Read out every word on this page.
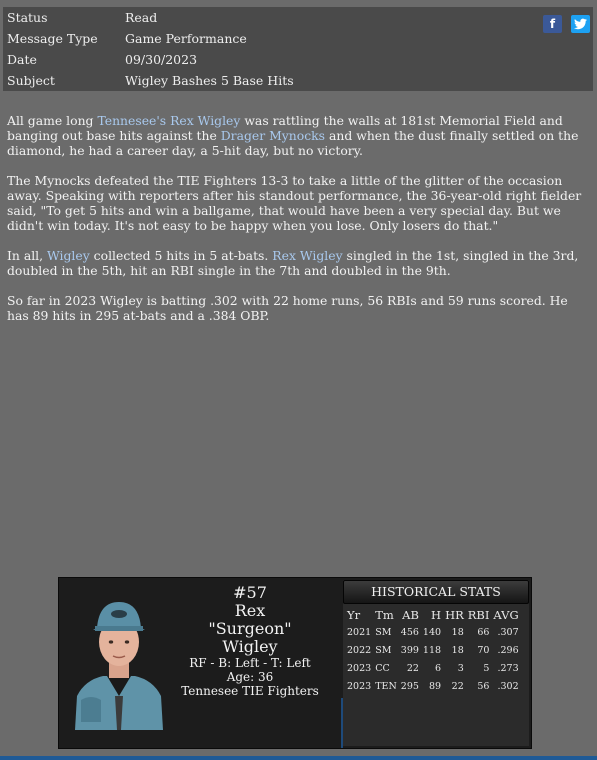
Status	Read
Message Type	Game Performance
Date	09/30/2023
Subject	Wigley Bashes 5 Base Hits
f

All game long Tennesee's Rex Wigley was rattling the walls at 181st Memorial Field and banging out base hits against the Drager Mynocks and when the dust finally settled on the diamond, he had a career day, a 5-hit day, but no victory.

The Mynocks defeated the TIE Fighters 13-3 to take a little of the glitter of the occasion away. Speaking with reporters after his standout performance, the 36-year-old right fielder said, "To get 5 hits and win a ballgame, that would have been a very special day. But we didn't win today. It's not easy to be happy when you lose. Only losers do that."

In all, Wigley collected 5 hits in 5 at-bats. Rex Wigley singled in the 1st, singled in the 3rd, doubled in the 5th, hit an RBI single in the 7th and doubled in the 9th.

So far in 2023 Wigley is batting .302 with 22 home runs, 56 RBIs and 59 runs scored. He has 89 hits in 295 at-bats and a .384 OBP.

#57
Rex
"Surgeon"
Wigley
RF - B: Left - T: Left
Age: 36
Tennesee TIE Fighters
HISTORICAL STATS
Yr	Tm	AB	H	HR	RBI	AVG
2021	SM	456	140	18	66	.307
2022	SM	399	118	18	70	.296
2023	CC	22	6	3	5	.273
2023	TEN	295	89	22	56	.302
